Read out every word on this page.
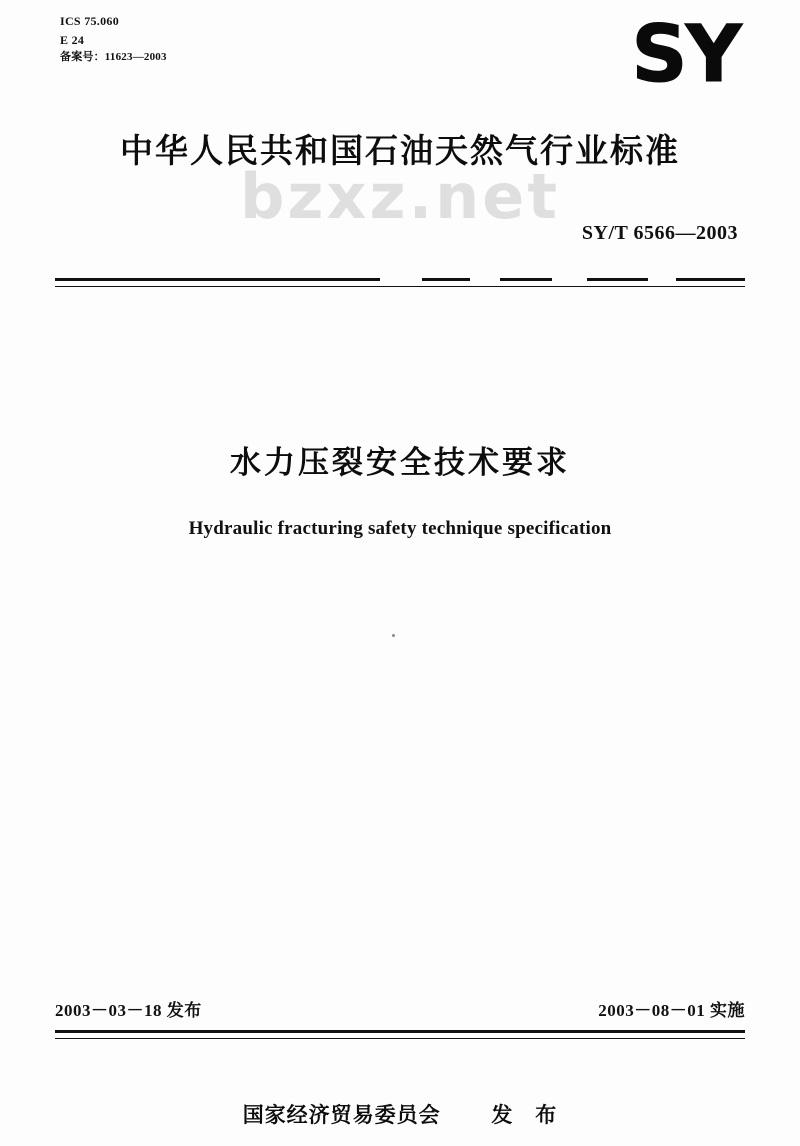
ICS 75.060
E 24
备案号：11623—2003	SY
bzxz.net
中华人民共和国石油天然气行业标准
SY/T 6566—2003
水力压裂安全技术要求
Hydraulic fracturing safety technique specification
2003－03－18 发布	2003－08－01 实施
国家经济贸易委员会 发　布
